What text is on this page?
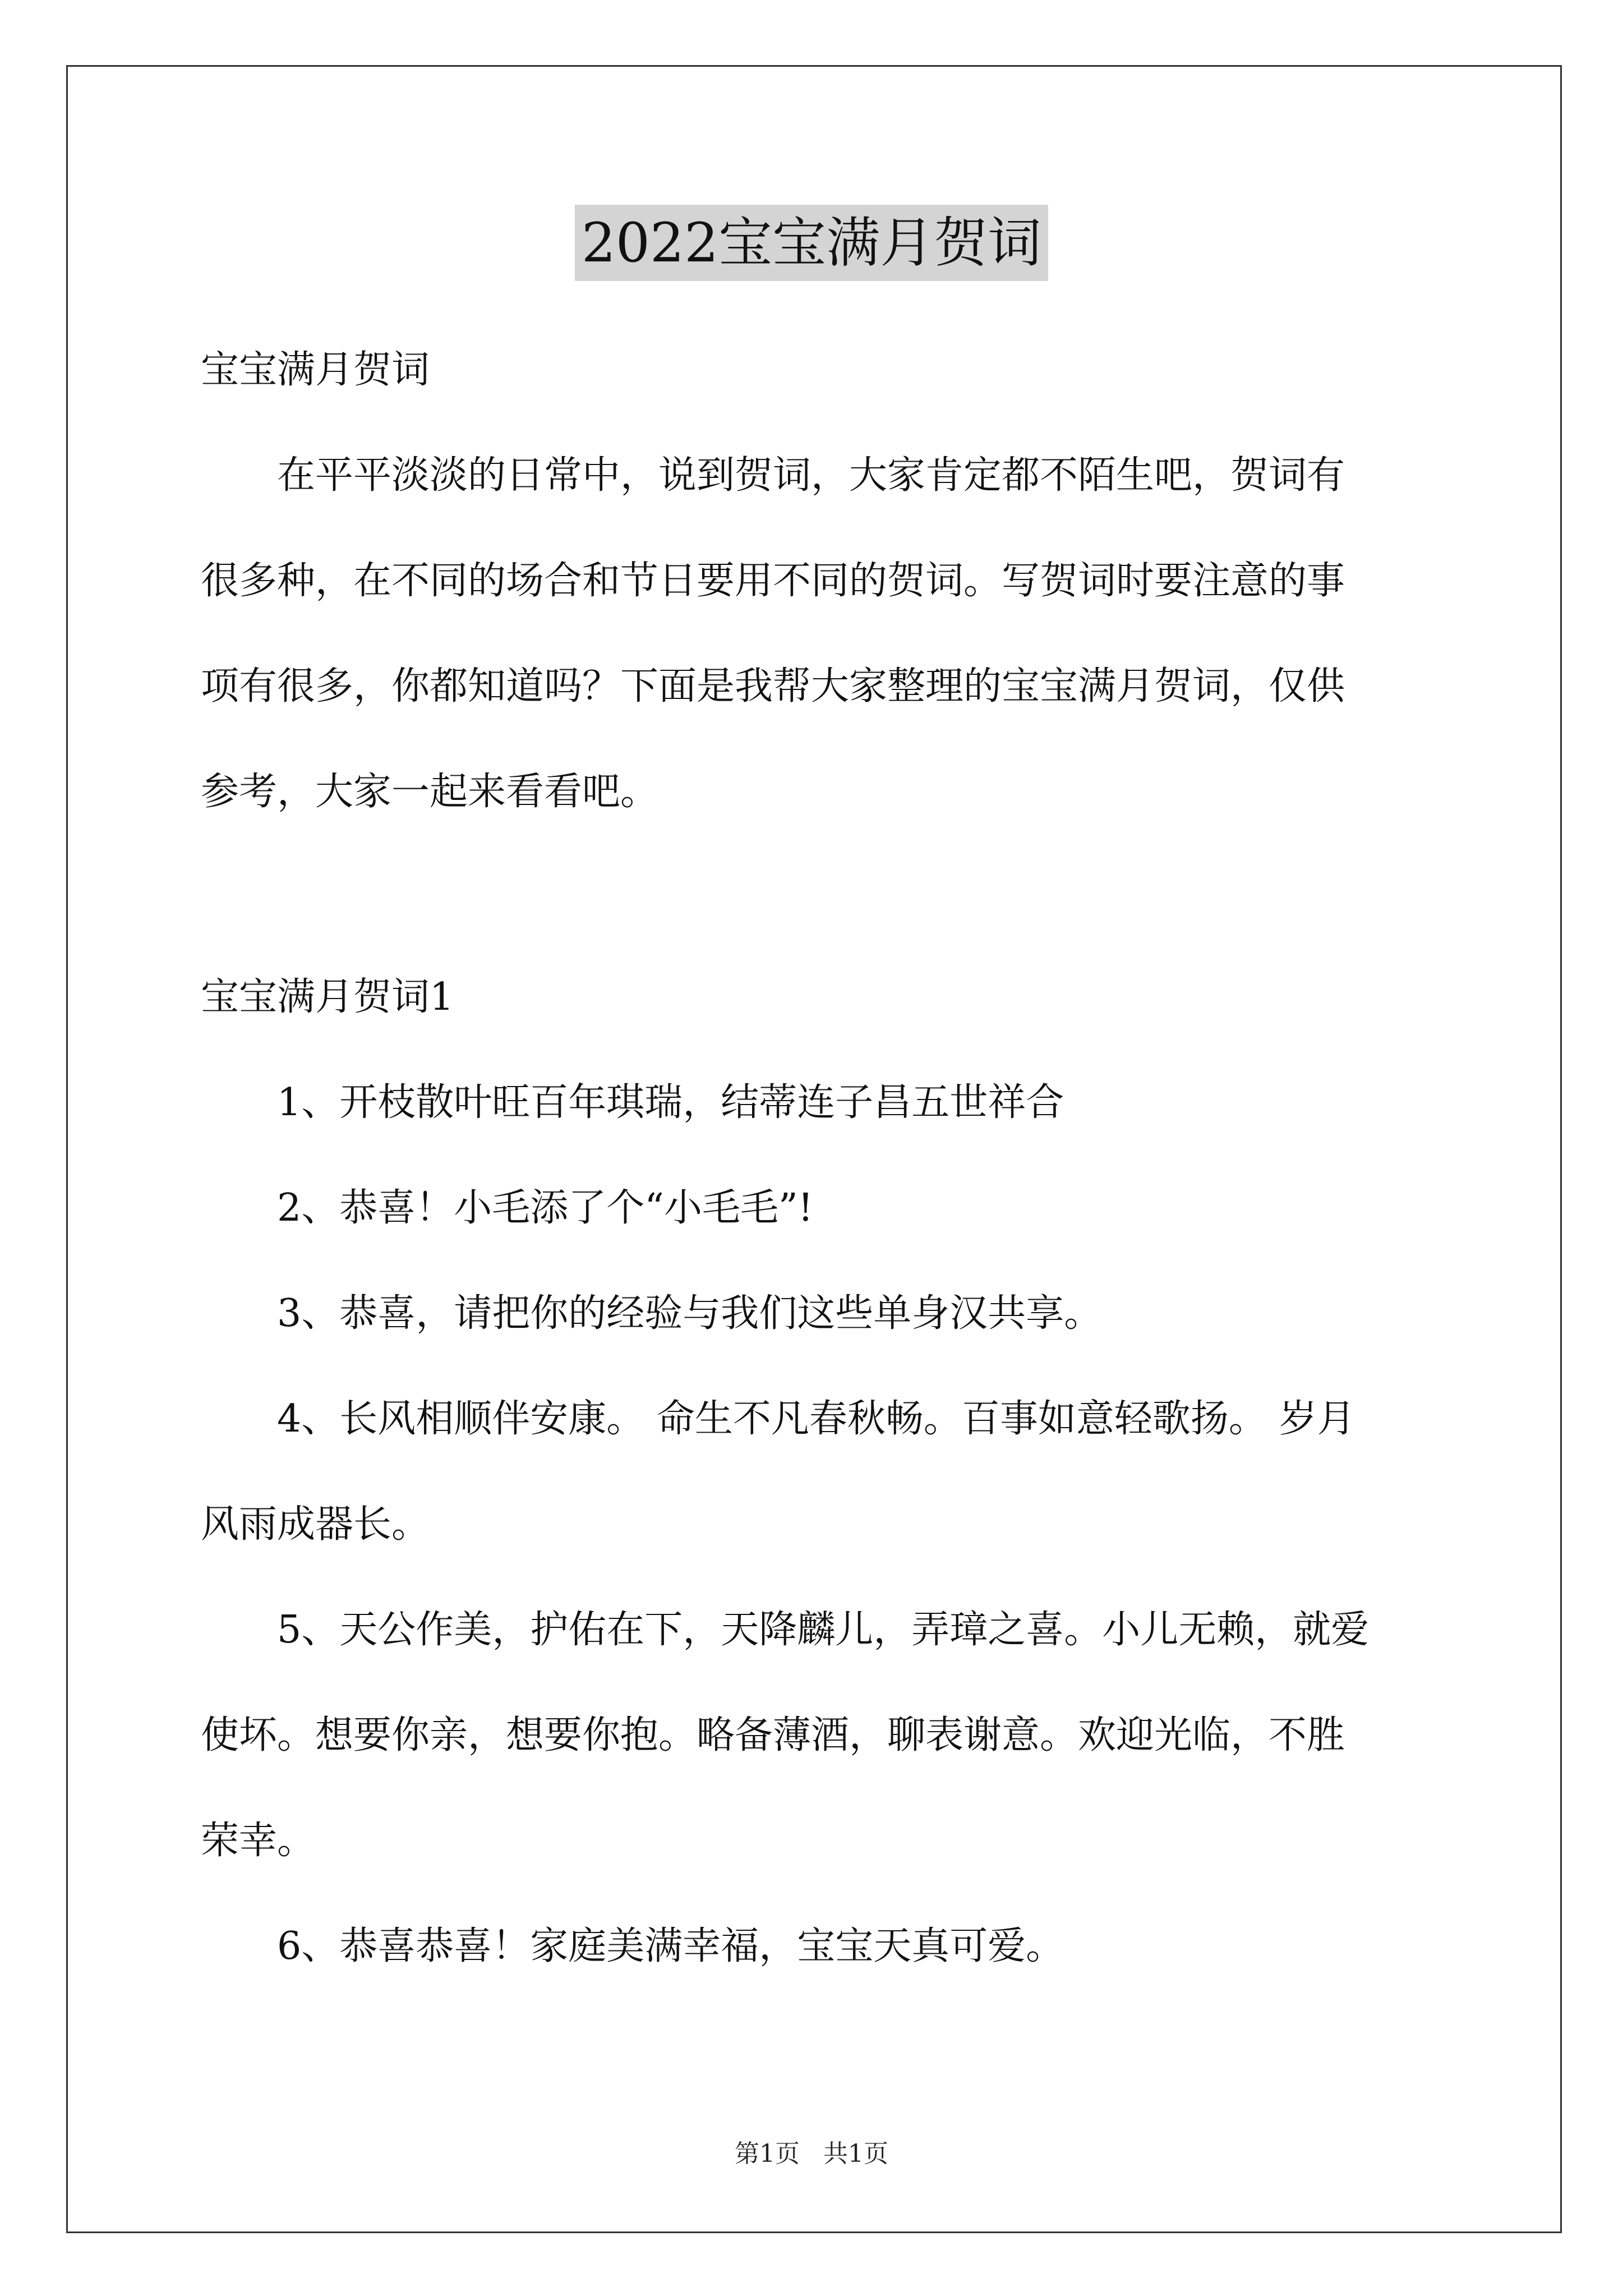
2022宝宝满月贺词
宝宝满月贺词
在平平淡淡的日常中，说到贺词，大家肯定都不陌生吧，贺词有
很多种，在不同的场合和节日要用不同的贺词。写贺词时要注意的事
项有很多，你都知道吗？下面是我帮大家整理的宝宝满月贺词，仅供
参考，大家一起来看看吧。
宝宝满月贺词1
1、开枝散叶旺百年琪瑞，结蒂连子昌五世祥合
2、恭喜！小毛添了个“小毛毛”!
3、恭喜，请把你的经验与我们这些单身汉共享。
4、长风相顺伴安康。 命生不凡春秋畅。百事如意轻歌扬。 岁月
风雨成器长。
5、天公作美，护佑在下，天降麟儿，弄璋之喜。小儿无赖，就爱
使坏。想要你亲，想要你抱。略备薄酒，聊表谢意。欢迎光临，不胜
荣幸。
6、恭喜恭喜！家庭美满幸福，宝宝天真可爱。
第1页 共1页
